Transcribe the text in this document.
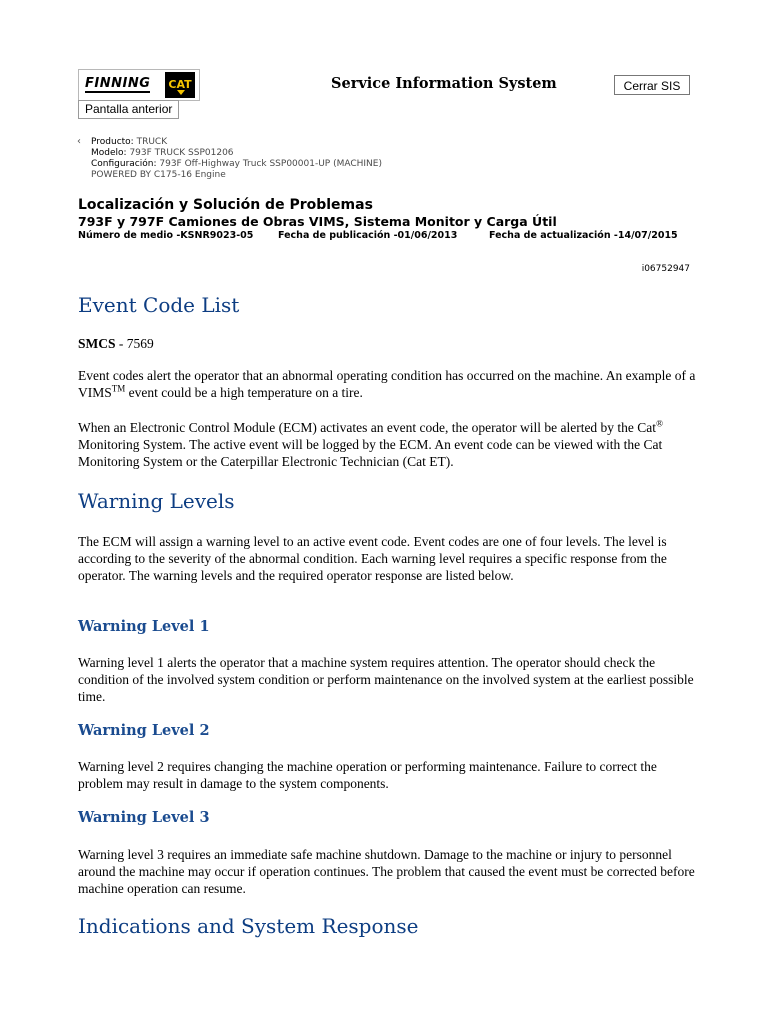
FINNING	CAT
Pantalla anterior
Service Information System	Cerrar SIS
‹	Producto: TRUCK
Modelo: 793F TRUCK SSP01206
Configuración: 793F Off-Highway Truck SSP00001-UP (MACHINE)
POWERED BY C175-16 Engine
Localización y Solución de Problemas
793F y 797F Camiones de Obras VIMS, Sistema Monitor y Carga Útil
Número de medio -KSNR9023-05	Fecha de publicación -01/06/2013	Fecha de actualización -14/07/2015
i06752947
Event Code List
SMCS - 7569
Event codes alert the operator that an abnormal operating condition has occurred on the machine. An example of a VIMS™ event could be a high temperature on a tire.
When an Electronic Control Module (ECM) activates an event code, the operator will be alerted by the Cat® Monitoring System. The active event will be logged by the ECM. An event code can be viewed with the Cat Monitoring System or the Caterpillar Electronic Technician (Cat ET).
Warning Levels
The ECM will assign a warning level to an active event code. Event codes are one of four levels. The level is according to the severity of the abnormal condition. Each warning level requires a specific response from the operator. The warning levels and the required operator response are listed below.
Warning Level 1
Warning level 1 alerts the operator that a machine system requires attention. The operator should check the condition of the involved system condition or perform maintenance on the involved system at the earliest possible time.
Warning Level 2
Warning level 2 requires changing the machine operation or performing maintenance. Failure to correct the problem may result in damage to the system components.
Warning Level 3
Warning level 3 requires an immediate safe machine shutdown. Damage to the machine or injury to personnel around the machine may occur if operation continues. The problem that caused the event must be corrected before machine operation can resume.
Indications and System Response
